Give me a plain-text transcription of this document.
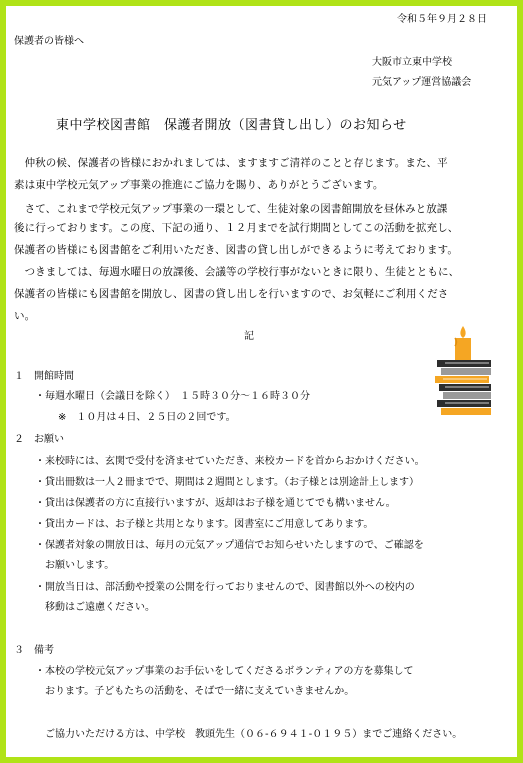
令和５年９月２８日
保護者の皆様へ
大阪市立東中学校
元気アップ運営協議会
東中学校図書館　保護者開放（図書貸し出し）のお知らせ
　仲秋の候、保護者の皆様におかれましては、ますますご清祥のことと存じます。また、平
素は東中学校元気アップ事業の推進にご協力を賜り、ありがとうございます。
　さて、これまで学校元気アップ事業の一環として、生徒対象の図書館開放を昼休みと放課
後に行っております。この度、下記の通り、１２月までを試行期間としてこの活動を拡充し、
保護者の皆様にも図書館をご利用いただき、図書の貸し出しができるように考えております。
　つきましては、毎週水曜日の放課後、会議等の学校行事がないときに限り、生徒とともに、
保護者の皆様にも図書館を開放し、図書の貸し出しを行いますので、お気軽にご利用くださ
い。
記
１　開館時間
・毎週水曜日（会議日を除く）　１５時３０分～１６時３０分
※　１０月は４日、２５日の２回です。
２　お願い
・来校時には、玄関で受付を済ませていただき、来校カードを首からおかけください。
・貸出冊数は一人２冊までで、期間は２週間とします。（お子様とは別途計上します）
・貸出は保護者の方に直接行いますが、返却はお子様を通じてでも構いません。
・貸出カードは、お子様と共用となります。図書室にご用意してあります。
・保護者対象の開放日は、毎月の元気アップ通信でお知らせいたしますので、ご確認を
お願いします。
・開放当日は、部活動や授業の公開を行っておりませんので、図書館以外への校内の
移動はご遠慮ください。
３　備考
・本校の学校元気アップ事業のお手伝いをしてくださるボランティアの方を募集して
おります。子どもたちの活動を、そばで一緒に支えていきませんか。
ご協力いただける方は、中学校　教頭先生（０６-６９４１-０１９５）までご連絡ください。
